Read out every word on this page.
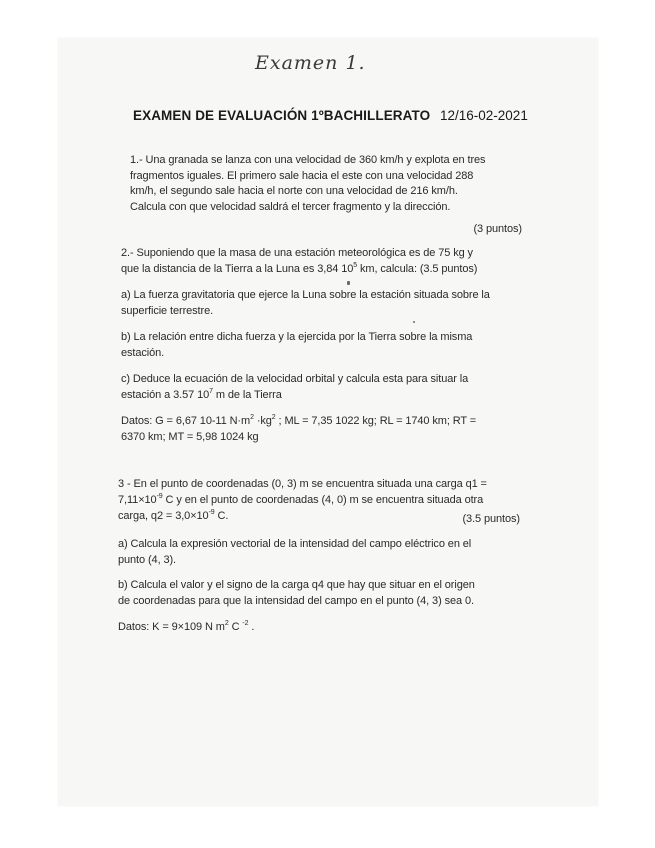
Examen 1.
EXAMEN DE EVALUACIÓN 1ºBACHILLERATO 12/16-02-2021
1.- Una granada se lanza con una velocidad de 360 km/h y explota en tres
fragmentos iguales. El primero sale hacia el este con una velocidad 288
km/h, el segundo sale hacia el norte con una velocidad de 216 km/h.
Calcula con que velocidad saldrá el tercer fragmento y la dirección.
(3 puntos)
2.- Suponiendo que la masa de una estación meteorológica es de 75 kg y
que la distancia de la Tierra a la Luna es 3,84 $10^5$ km, calcula: (3.5 puntos)
a) La fuerza gravitatoria que ejerce la Luna sobre la estación situada sobre la
superficie terrestre.
b) La relación entre dicha fuerza y la ejercida por la Tierra sobre la misma
estación.
c) Deduce la ecuación de la velocidad orbital y calcula esta para situar la
estación a 3.57 $10^7$ m de la Tierra
Datos: G = 6,67 10-11 $N\cdot m^2 \cdot kg^2$ ; ML = 7,35 1022 kg; RL = 1740 km; RT =
6370 km; MT = 5,98 1024 kg
3 - En el punto de coordenadas (0, 3) m se encuentra situada una carga q1 =
$7,11\times 10^{-9}$ C y en el punto de coordenadas (4, 0) m se encuentra situada otra
carga, $q2 = 3,0\times 10^{-9}$ C.	(3.5 puntos)
a) Calcula la expresión vectorial de la intensidad del campo eléctrico en el
punto (4, 3).
b) Calcula el valor y el signo de la carga q4 que hay que situar en el origen
de coordenadas para que la intensidad del campo en el punto (4, 3) sea 0.
Datos: K = 9×109 N $m^2$ C $^{-2}$ .
